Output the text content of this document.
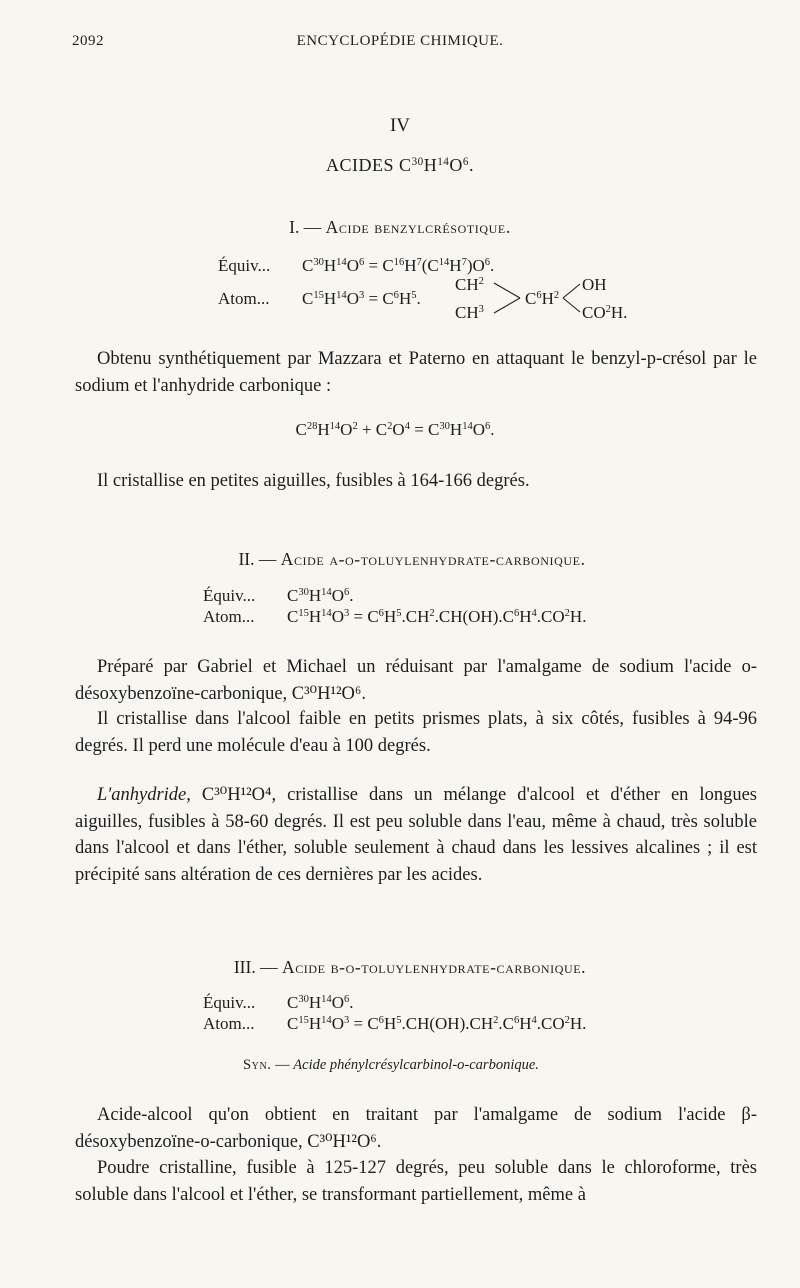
2092	ENCYCLOPÉDIE CHIMIQUE.
IV
ACIDES $C^{30}H^{14}O^6$.
I. — Acide benzylcrésotique.
Équiv... $C^{30}H^{14}O^6 = C^{16}H^7(C^{14}H^7)O^6$.
Atom... $C^{15}H^{14}O^3 = C^6H^5$.
$CH^2$
$CH^3$
$C^6H^2$
OH
$CO^2H$.
Obtenu synthétiquement par Mazzara et Paterno en attaquant le benzyl-p-crésol par le sodium et l'anhydride carbonique :
$C^{28}H^{14}O^2 + C^2O^4 = C^{30}H^{14}O^6$.
Il cristallise en petites aiguilles, fusibles à 164-166 degrés.
II. — Acide α-o-toluylenhydrate-carbonique.
Équiv... $C^{30}H^{14}O^6$.
Atom... $C^{15}H^{14}O^3 = C^6H^5.CH^2.CH(OH).C^6H^4.CO^2H$.
Préparé par Gabriel et Michael un réduisant par l'amalgame de sodium l'acide o-désoxybenzoïne-carbonique, C³⁰H¹²O⁶.
Il cristallise dans l'alcool faible en petits prismes plats, à six côtés, fusibles à 94-96 degrés. Il perd une molécule d'eau à 100 degrés.
L'anhydride, C³⁰H¹²O⁴, cristallise dans un mélange d'alcool et d'éther en longues aiguilles, fusibles à 58-60 degrés. Il est peu soluble dans l'eau, même à chaud, très soluble dans l'alcool et dans l'éther, soluble seulement à chaud dans les lessives alcalines ; il est précipité sans altération de ces dernières par les acides.
III. — Acide β-o-toluylenhydrate-carbonique.
Équiv... $C^{30}H^{14}O^6$.
Atom... $C^{15}H^{14}O^3 = C^6H^5.CH(OH).CH^2.C^6H^4.CO^2H$.
Syn. — Acide phénylcrésylcarbinol-o-carbonique.
Acide-alcool qu'on obtient en traitant par l'amalgame de sodium l'acide β-désoxybenzoïne-o-carbonique, C³⁰H¹²O⁶.
Poudre cristalline, fusible à 125-127 degrés, peu soluble dans le chloroforme, très soluble dans l'alcool et l'éther, se transformant partiellement, même à
